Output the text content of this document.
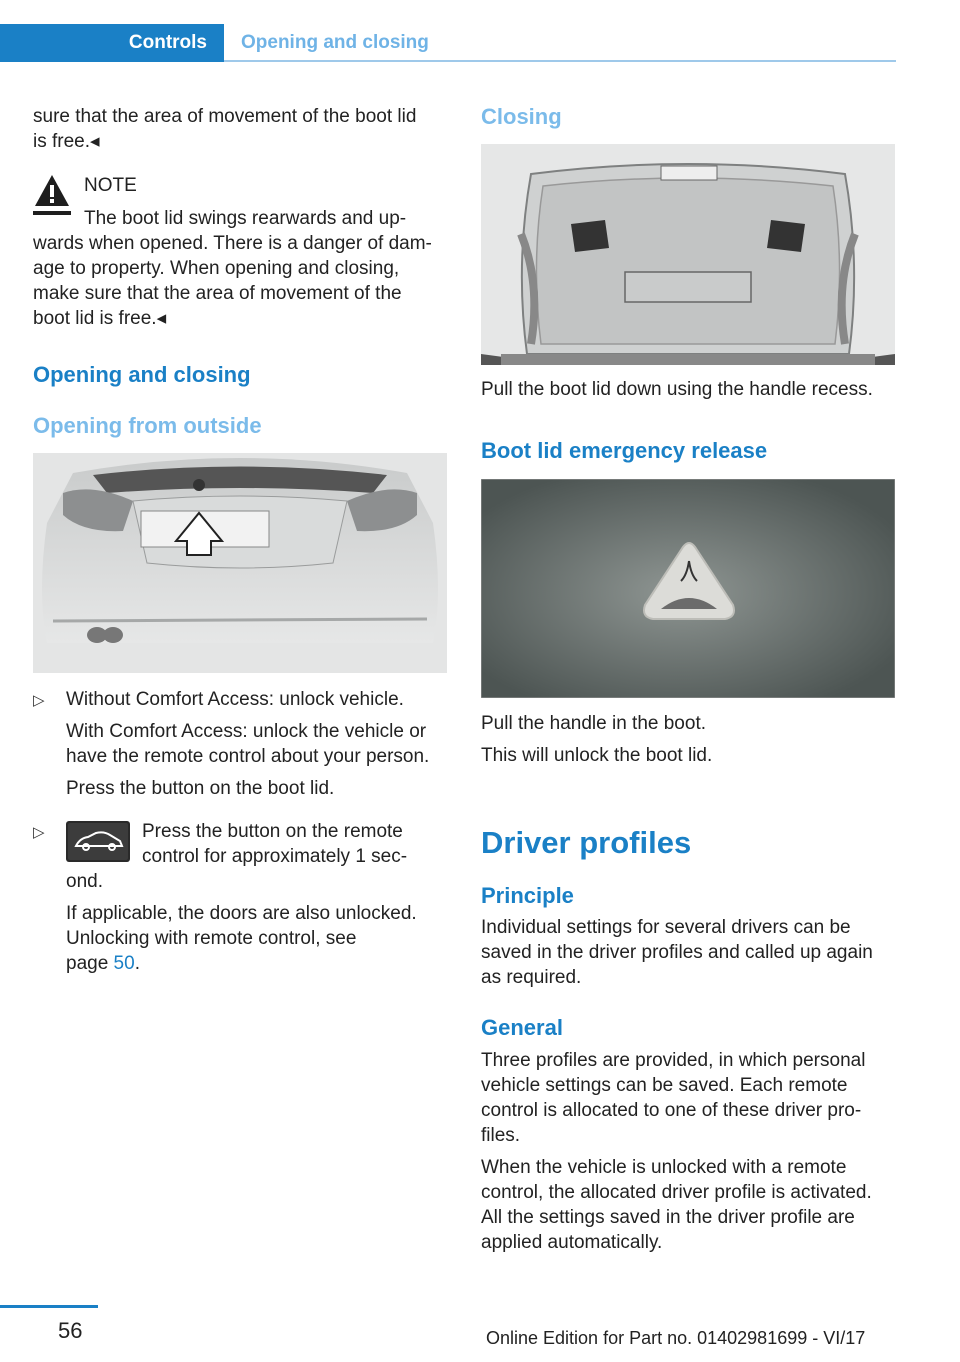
Controls Opening and closing
sure that the area of movement of the boot lid
is free.◂
NOTE
The boot lid swings rearwards and up-
wards when opened. There is a danger of dam-
age to property. When opening and closing,
make sure that the area of movement of the
boot lid is free.◂
Opening and closing
Opening from outside
▷ Without Comfort Access: unlock vehicle.
With Comfort Access: unlock the vehicle or
have the remote control about your person.
Press the button on the boot lid.
▷	Press the button on the remote
control for approximately 1 sec-
ond.
If applicable, the doors are also unlocked.
Unlocking with remote control, see
page 50.
Closing
Pull the boot lid down using the handle recess.
Boot lid emergency release
Pull the handle in the boot.
This will unlock the boot lid.
Driver profiles
Principle
Individual settings for several drivers can be
saved in the driver profiles and called up again
as required.
General
Three profiles are provided, in which personal
vehicle settings can be saved. Each remote
control is allocated to one of these driver pro-
files.
When the vehicle is unlocked with a remote
control, the allocated driver profile is activated.
All the settings saved in the driver profile are
applied automatically.
56	Online Edition for Part no. 01402981699 - VI/17
